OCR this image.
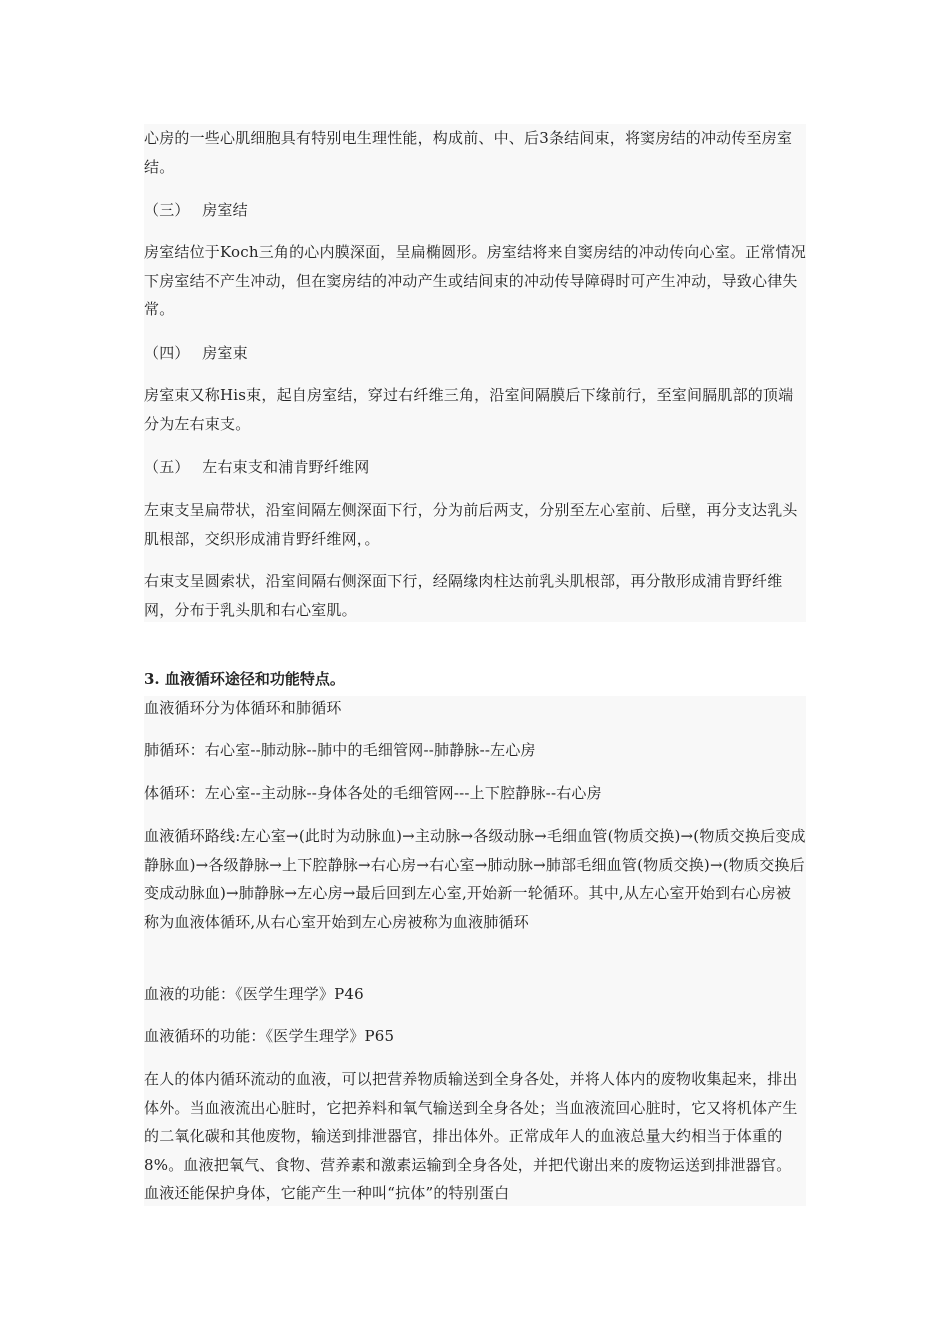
心房的一些心肌细胞具有特别电生理性能，构成前、中、后3条结间束，将窦房结的冲动传至房室结。

（三）　 房室结

房室结位于Koch三角的心内膜深面，呈扁椭圆形。房室结将来自窦房结的冲动传向心室。正常情况下房室结不产生冲动，但在窦房结的冲动产生或结间束的冲动传导障碍时可产生冲动，导致心律失常。

（四）　 房室束

房室束又称His束，起自房室结，穿过右纤维三角，沿室间隔膜后下缘前行，至室间膈肌部的顶端分为左右束支。

（五）　 左右束支和浦肯野纤维网

左束支呈扁带状，沿室间隔左侧深面下行，分为前后两支，分别至左心室前、后壁，再分支达乳头肌根部，交织形成浦肯野纤维网，。

右束支呈圆索状，沿室间隔右侧深面下行，经隔缘肉柱达前乳头肌根部，再分散形成浦肯野纤维网，分布于乳头肌和右心室肌。

3. 血液循环途径和功能特点。

血液循环分为体循环和肺循环

肺循环：右心室--肺动脉--肺中的毛细管网--肺静脉--左心房

体循环：左心室--主动脉--身体各处的毛细管网---上下腔静脉--右心房

血液循环路线:左心室→(此时为动脉血)→主动脉→各级动脉→毛细血管(物质交换)→(物质交换后变成静脉血)→各级静脉→上下腔静脉→右心房→右心室→肺动脉→肺部毛细血管(物质交换)→(物质交换后变成动脉血)→肺静脉→左心房→最后回到左心室,开始新一轮循环。其中,从左心室开始到右心房被称为血液体循环,从右心室开始到左心房被称为血液肺循环

血液的功能：《医学生理学》P46

血液循环的功能：《医学生理学》P65

在人的体内循环流动的血液，可以把营养物质输送到全身各处，并将人体内的废物收集起来，排出体外。当血液流出心脏时，它把养料和氧气输送到全身各处；当血液流回心脏时，它又将机体产生的二氧化碳和其他废物，输送到排泄器官，排出体外。正常成年人的血液总量大约相当于体重的8%。血液把氧气、食物、营养素和激素运输到全身各处，并把代谢出来的废物运送到排泄器官。血液还能保护身体，它能产生一种叫“抗体”的特别蛋白
